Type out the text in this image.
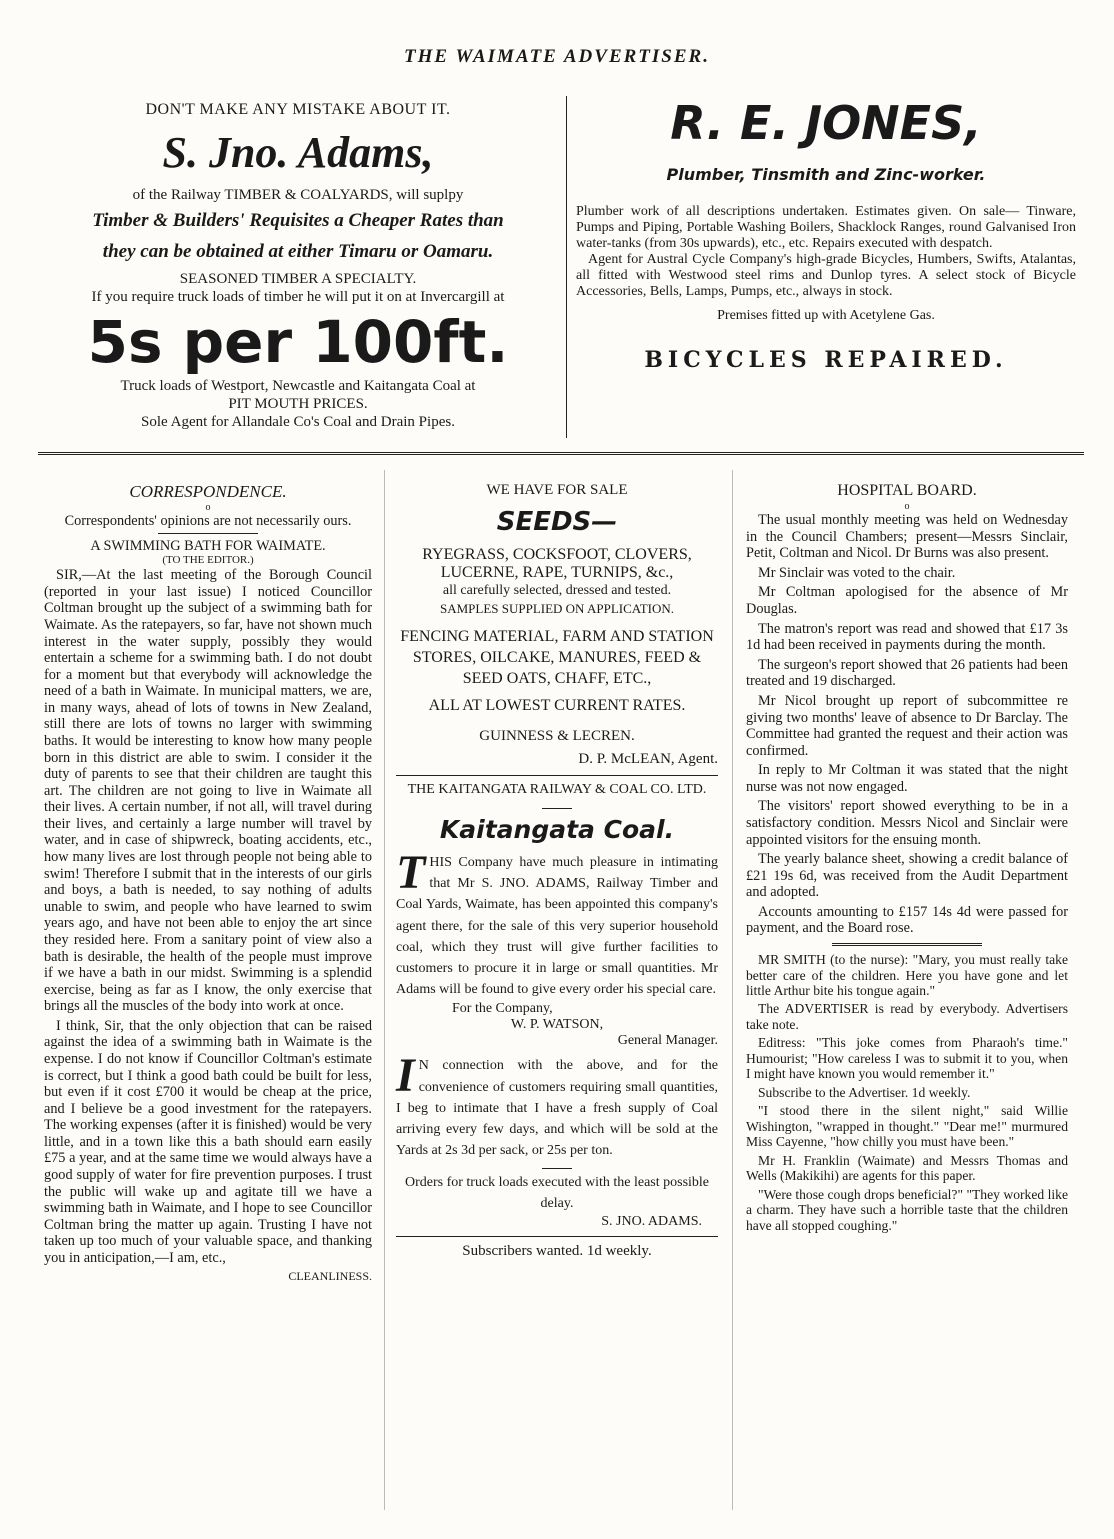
THE WAIMATE ADVERTISER.
DON'T MAKE ANY MISTAKE ABOUT IT.
S. Jno. Adams,
of the Railway TIMBER & COALYARDS, will suplpy
Timber & Builders' Requisites a Cheaper Rates than
they can be obtained at either Timaru or Oamaru.
SEASONED TIMBER A SPECIALTY.
If you require truck loads of timber he will put it on at Invercargill at
5s per 100ft.
Truck loads of Westport, Newcastle and Kaitangata Coal at
PIT MOUTH PRICES.
Sole Agent for Allandale Co's Coal and Drain Pipes.
R. E. JONES,
Plumber, Tinsmith and Zinc-worker.
Plumber work of all descriptions undertaken. Estimates given. On sale— Tinware, Pumps and Piping, Portable Washing Boilers, Shacklock Ranges, round Galvanised Iron water-tanks (from 30s upwards), etc., etc. Repairs executed with despatch.
Agent for Austral Cycle Company's high-grade Bicycles, Humbers, Swifts, Atalantas, all fitted with Westwood steel rims and Dunlop tyres. A select stock of Bicycle Accessories, Bells, Lamps, Pumps, etc., always in stock.
Premises fitted up with Acetylene Gas.
BICYCLES REPAIRED.
CORRESPONDENCE.
o
Correspondents' opinions are not necessarily ours.
A SWIMMING BATH FOR WAIMATE.
(TO THE EDITOR.)

SIR,—At the last meeting of the Borough Council (reported in your last issue) I noticed Councillor Coltman brought up the subject of a swimming bath for Waimate. As the ratepayers, so far, have not shown much interest in the water supply, possibly they would entertain a scheme for a swimming bath. I do not doubt for a moment but that everybody will acknowledge the need of a bath in Waimate. In municipal matters, we are, in many ways, ahead of lots of towns in New Zealand, still there are lots of towns no larger with swimming baths. It would be interesting to know how many people born in this district are able to swim. I consider it the duty of parents to see that their children are taught this art. The children are not going to live in Waimate all their lives. A certain number, if not all, will travel during their lives, and certainly a large number will travel by water, and in case of shipwreck, boating accidents, etc., how many lives are lost through people not being able to swim! Therefore I submit that in the interests of our girls and boys, a bath is needed, to say nothing of adults unable to swim, and people who have learned to swim years ago, and have not been able to enjoy the art since they resided here. From a sanitary point of view also a bath is desirable, the health of the people must improve if we have a bath in our midst. Swimming is a splendid exercise, being as far as I know, the only exercise that brings all the muscles of the body into work at once.

I think, Sir, that the only objection that can be raised against the idea of a swimming bath in Waimate is the expense. I do not know if Councillor Coltman's estimate is correct, but I think a good bath could be built for less, but even if it cost £700 it would be cheap at the price, and I believe be a good investment for the ratepayers. The working expenses (after it is finished) would be very little, and in a town like this a bath should earn easily £75 a year, and at the same time we would always have a good supply of water for fire prevention purposes. I trust the public will wake up and agitate till we have a swimming bath in Waimate, and I hope to see Councillor Coltman bring the matter up again. Trusting I have not taken up too much of your valuable space, and thanking you in anticipation,—I am, etc.,

CLEANLINESS.
WE HAVE FOR SALE
SEEDS—
RYEGRASS, COCKSFOOT, CLOVERS,
LUCERNE, RAPE, TURNIPS, &c.,
all carefully selected, dressed and tested.
SAMPLES SUPPLIED ON APPLICATION.
FENCING MATERIAL, FARM AND STATION STORES, OILCAKE, MANURES, FEED & SEED OATS, CHAFF, ETC.,
ALL AT LOWEST CURRENT RATES.
GUINNESS & LECREN.
D. P. McLEAN, Agent.
THE KAITANGATA RAILWAY & COAL CO. LTD.
Kaitangata Coal.
T HIS Company have much pleasure in intimating that Mr S. JNO. ADAMS, Railway Timber and Coal Yards, Waimate, has been appointed this company's agent there, for the sale of this very superior household coal, which they trust will give further facilities to customers to procure it in large or small quantities. Mr Adams will be found to give every order his special care.
For the Company,
W. P. WATSON,
General Manager.
I N connection with the above, and for the convenience of customers requiring small quantities, I beg to intimate that I have a fresh supply of Coal arriving every few days, and which will be sold at the Yards at 2s 3d per sack, or 25s per ton.
Orders for truck loads executed with the least possible delay.
S. JNO. ADAMS.
Subscribers wanted. 1d weekly.
HOSPITAL BOARD.
o

The usual monthly meeting was held on Wednesday in the Council Chambers; present—Messrs Sinclair, Petit, Coltman and Nicol. Dr Burns was also present.

Mr Sinclair was voted to the chair.

Mr Coltman apologised for the absence of Mr Douglas.

The matron's report was read and showed that £17 3s 1d had been received in payments during the month.

The surgeon's report showed that 26 patients had been treated and 19 discharged.

Mr Nicol brought up report of subcommittee re giving two months' leave of absence to Dr Barclay. The Committee had granted the request and their action was confirmed.

In reply to Mr Coltman it was stated that the night nurse was not now engaged.

The visitors' report showed everything to be in a satisfactory condition. Messrs Nicol and Sinclair were appointed visitors for the ensuing month.

The yearly balance sheet, showing a credit balance of £21 19s 6d, was received from the Audit Department and adopted.

Accounts amounting to £157 14s 4d were passed for payment, and the Board rose.

MR SMITH (to the nurse): "Mary, you must really take better care of the children. Here you have gone and let little Arthur bite his tongue again."

The ADVERTISER is read by everybody. Advertisers take note.

Editress: "This joke comes from Pharaoh's time." Humourist; "How careless I was to submit it to you, when I might have known you would remember it."

Subscribe to the Advertiser. 1d weekly.

"I stood there in the silent night," said Willie Wishington, "wrapped in thought." "Dear me!" murmured Miss Cayenne, "how chilly you must have been."

Mr H. Franklin (Waimate) and Messrs Thomas and Wells (Makikihi) are agents for this paper.

"Were those cough drops beneficial?" "They worked like a charm. They have such a horrible taste that the children have all stopped coughing."
